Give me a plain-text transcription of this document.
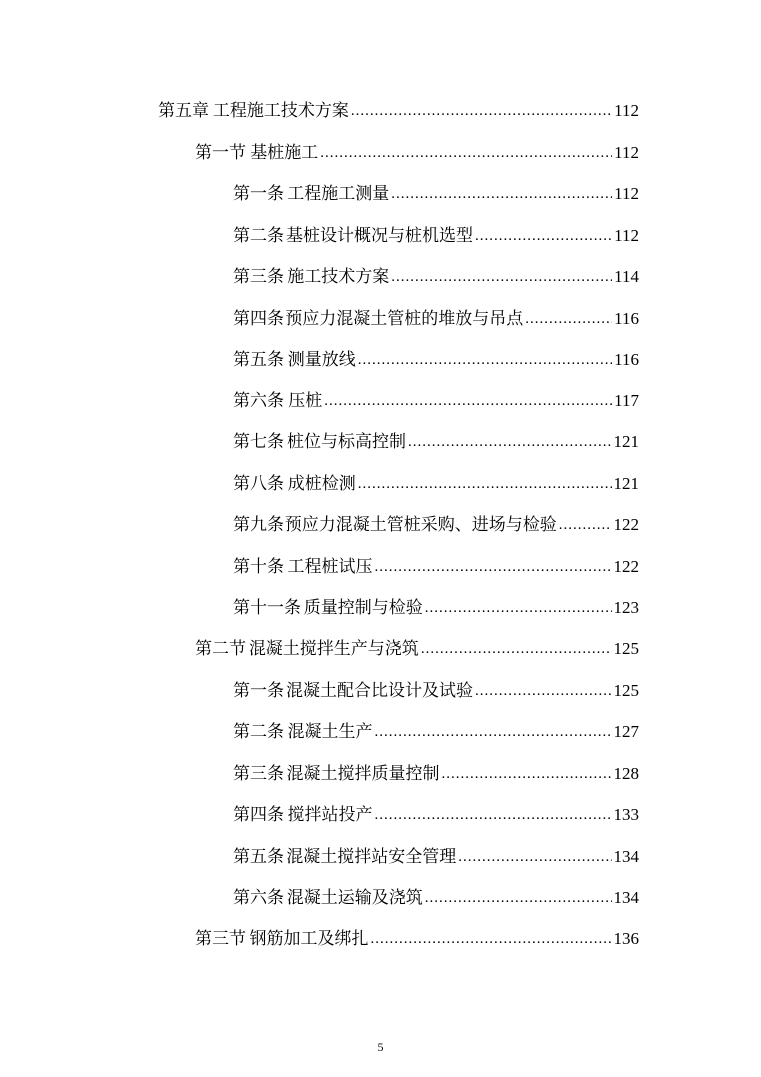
第五章 工程施工技术方案 .....	112
第一节 基桩施工 .....	112
第一条 工程施工测量 .....	112
第二条 基桩设计概况与桩机选型 .....	112
第三条 施工技术方案 .....	114
第四条 预应力混凝土管桩的堆放与吊点 .....	116
第五条 测量放线 .....	116
第六条 压桩 .....	117
第七条 桩位与标高控制 .....	121
第八条 成桩检测 .....	121
第九条 预应力混凝土管桩采购、进场与检验 .....	122
第十条 工程桩试压 .....	122
第十一条 质量控制与检验 .....	123
第二节 混凝土搅拌生产与浇筑 .....	125
第一条 混凝土配合比设计及试验 .....	125
第二条 混凝土生产 .....	127
第三条 混凝土搅拌质量控制 .....	128
第四条 搅拌站投产 .....	133
第五条 混凝土搅拌站安全管理 .....	134
第六条 混凝土运输及浇筑 .....	134
第三节 钢筋加工及绑扎 .....	136
5
